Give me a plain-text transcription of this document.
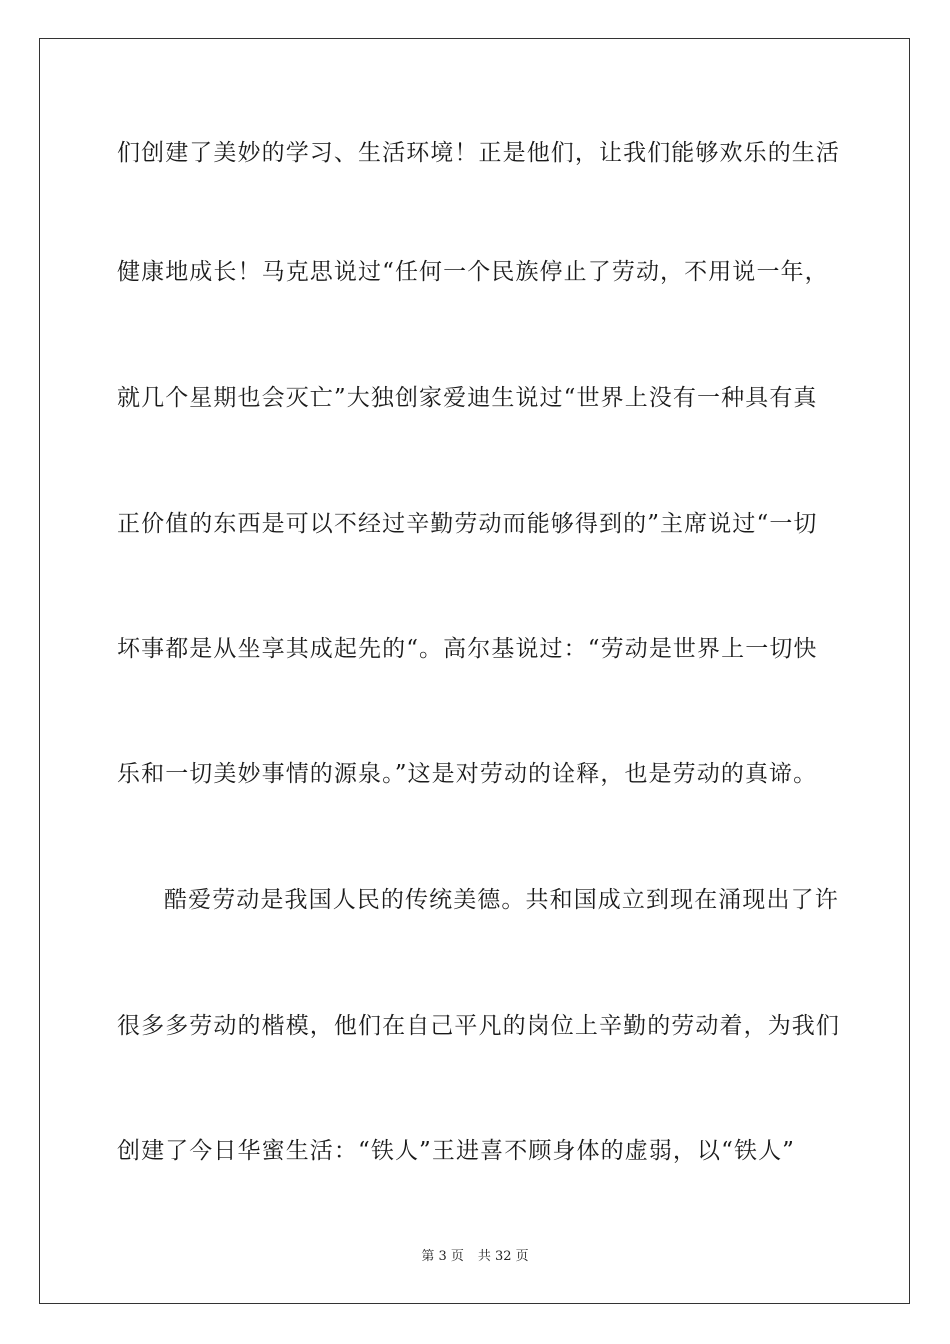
们创建了美妙的学习、生活环境！正是他们，让我们能够欢乐的生活
健康地成长！马克思说过“任何一个民族停止了劳动，不用说一年，
就几个星期也会灭亡”大独创家爱迪生说过“世界上没有一种具有真
正价值的东西是可以不经过辛勤劳动而能够得到的”主席说过“一切
坏事都是从坐享其成起先的“。高尔基说过：“劳动是世界上一切快
乐和一切美妙事情的源泉。”这是对劳动的诠释，也是劳动的真谛。
酷爱劳动是我国人民的传统美德。共和国成立到现在涌现出了许
很多多劳动的楷模，他们在自己平凡的岗位上辛勤的劳动着，为我们
创建了今日华蜜生活：“铁人”王进喜不顾身体的虚弱，以“铁人”
第 3 页 共 32 页
